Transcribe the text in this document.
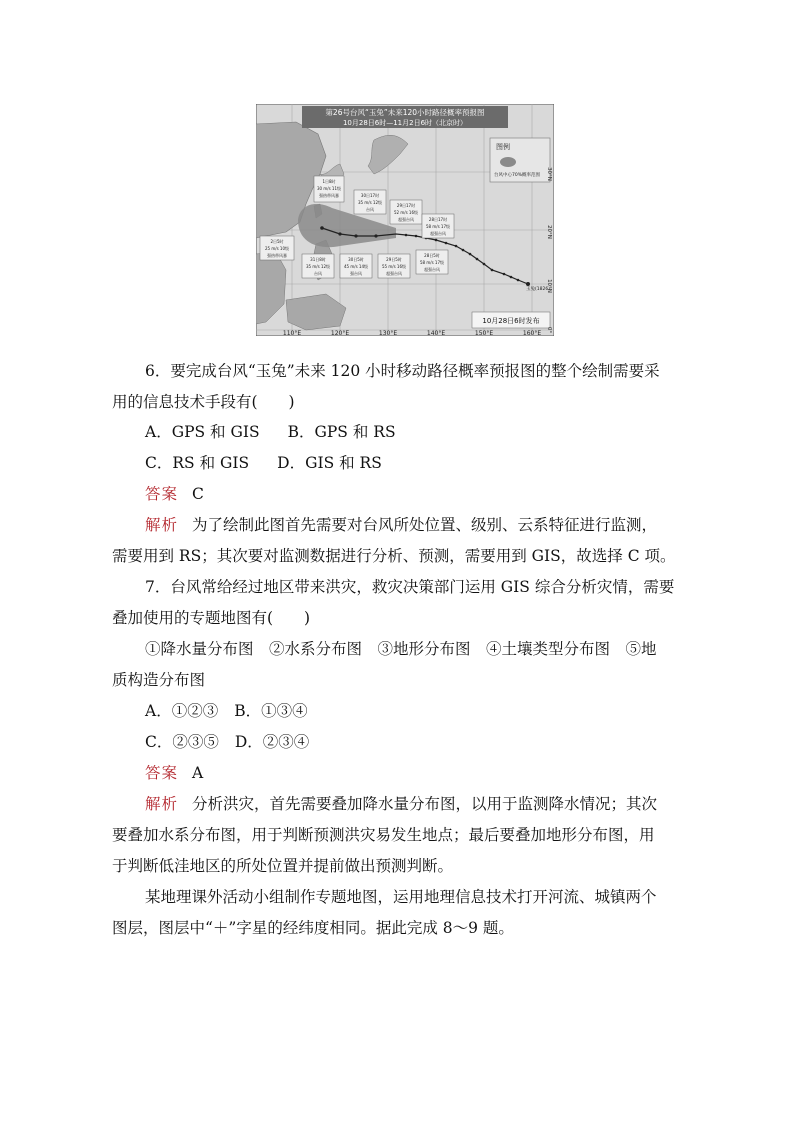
第26号台风“玉兔”未来120小时路径概率预报图
10月28日6时—11月2日6时（北京时）
图例
台风中心70%概率范围
1日8时
30 m/s 11级
强热带风暴	30日17时
35 m/s 12级
台风
29日17时
52 m/s 16级
超强台风	28日17时
58 m/s 17级
超强台风
2日5时
25 m/s 10级
强热带风暴
31日8时
35 m/s 12级
台风
30日5时
45 m/s 14级
强台风
29日5时
55 m/s 16级
超强台风
28日5时
58 m/s 17级
超强台风
玉兔(1826)
10月28日6时发布
30°N
20°N
10°N
0°
110°E	120°E	130°E	140°E	150°E	160°E
6．要完成台风“玉兔”未来 120 小时移动路径概率预报图的整个绘制需要采
用的信息技术手段有(　　)
A．GPS 和 GIS B．GPS 和 RS
C．RS 和 GIS D．GIS 和 RS
答案 C
解析 为了绘制此图首先需要对台风所处位置、级别、云系特征进行监测，
需要用到 RS；其次要对监测数据进行分析、预测，需要用到 GIS，故选择 C 项。
7．台风常给经过地区带来洪灾，救灾决策部门运用 GIS 综合分析灾情，需要
叠加使用的专题地图有(　　)
①降水量分布图　②水系分布图　③地形分布图　④土壤类型分布图　⑤地
质构造分布图
A．①②③ B．①③④
C．②③⑤ D．②③④
答案 A
解析 分析洪灾，首先需要叠加降水量分布图，以用于监测降水情况；其次
要叠加水系分布图，用于判断预测洪灾易发生地点；最后要叠加地形分布图，用
于判断低洼地区的所处位置并提前做出预测判断。
某地理课外活动小组制作专题地图，运用地理信息技术打开河流、城镇两个
图层，图层中“＋”字星的经纬度相同。据此完成 8～9 题。
